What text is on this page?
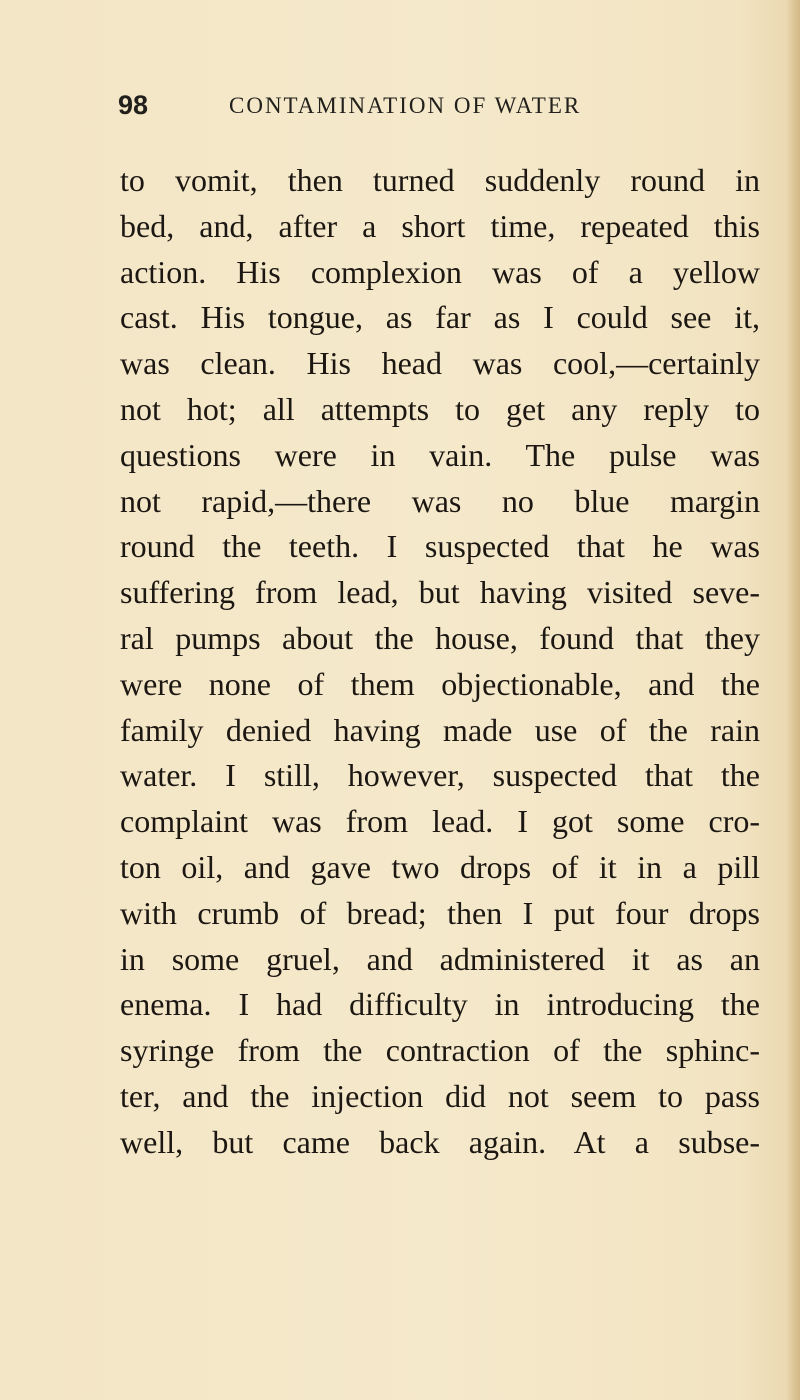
98	CONTAMINATION OF WATER
to vomit, then turned suddenly round in
bed, and, after a short time, repeated this
action. His complexion was of a yellow
cast. His tongue, as far as I could see it,
was clean. His head was cool,—certainly
not hot; all attempts to get any reply to
questions were in vain. The pulse was
not rapid,—there was no blue margin
round the teeth. I suspected that he was
suffering from lead, but having visited seve-
ral pumps about the house, found that they
were none of them objectionable, and the
family denied having made use of the rain
water. I still, however, suspected that the
complaint was from lead. I got some cro-
ton oil, and gave two drops of it in a pill
with crumb of bread; then I put four drops
in some gruel, and administered it as an
enema. I had difficulty in introducing the
syringe from the contraction of the sphinc-
ter, and the injection did not seem to pass
well, but came back again. At a subse-
